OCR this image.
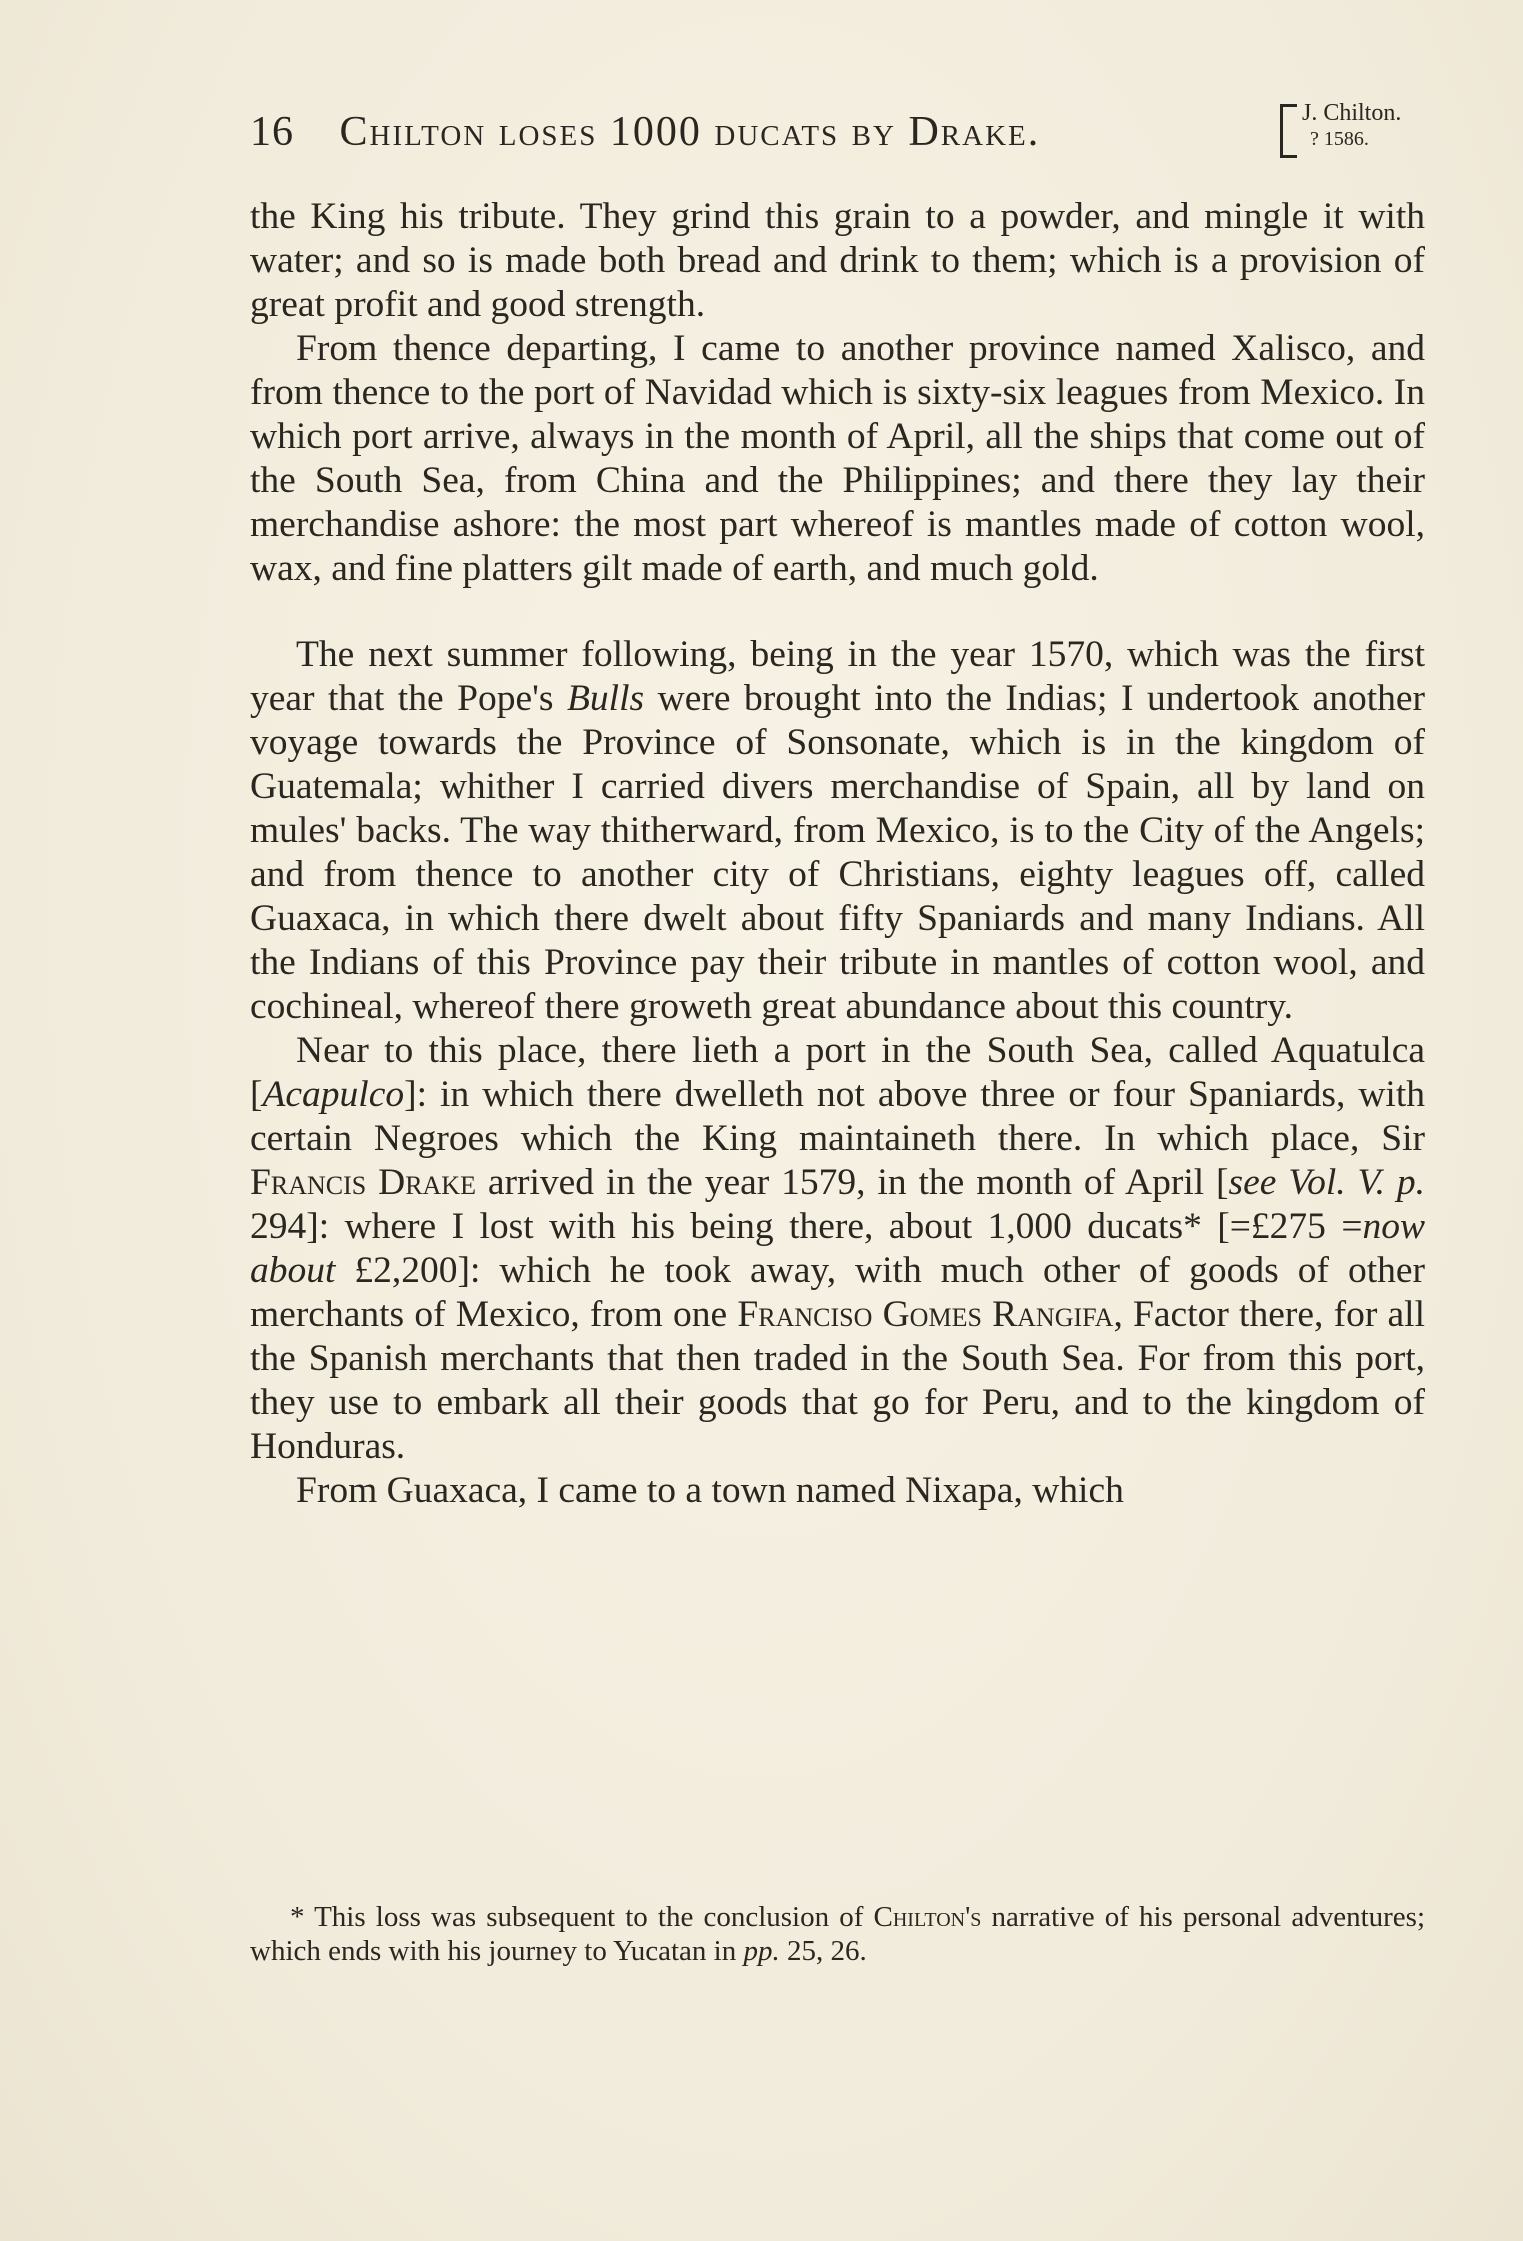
16 Chilton loses 1000 ducats by Drake.	J. Chilton.
? 1586.

the King his tribute. They grind this grain to a powder, and mingle it with water; and so is made both bread and drink to them; which is a provision of great profit and good strength.

From thence departing, I came to another province named Xalisco, and from thence to the port of Navidad which is sixty-six leagues from Mexico. In which port arrive, always in the month of April, all the ships that come out of the South Sea, from China and the Philippines; and there they lay their merchandise ashore: the most part whereof is mantles made of cotton wool, wax, and fine platters gilt made of earth, and much gold.

The next summer following, being in the year 1570, which was the first year that the Pope's Bulls were brought into the Indias; I undertook another voyage towards the Province of Sonsonate, which is in the kingdom of Guatemala; whither I carried divers merchandise of Spain, all by land on mules' backs. The way thitherward, from Mexico, is to the City of the Angels; and from thence to another city of Christians, eighty leagues off, called Guaxaca, in which there dwelt about fifty Spaniards and many Indians. All the Indians of this Province pay their tribute in mantles of cotton wool, and cochineal, whereof there groweth great abundance about this country.

Near to this place, there lieth a port in the South Sea, called Aquatulca [Acapulco]: in which there dwelleth not above three or four Spaniards, with certain Negroes which the King maintaineth there. In which place, Sir Francis Drake arrived in the year 1579, in the month of April [see Vol. V. p. 294]: where I lost with his being there, about 1,000 ducats* [=£275 =now about £2,200]: which he took away, with much other of goods of other merchants of Mexico, from one Franciso Gomes Rangifa, Factor there, for all the Spanish merchants that then traded in the South Sea. For from this port, they use to embark all their goods that go for Peru, and to the kingdom of Honduras.

From Guaxaca, I came to a town named Nixapa, which

* This loss was subsequent to the conclusion of Chilton's narrative of his personal adventures; which ends with his journey to Yucatan in pp. 25, 26.
